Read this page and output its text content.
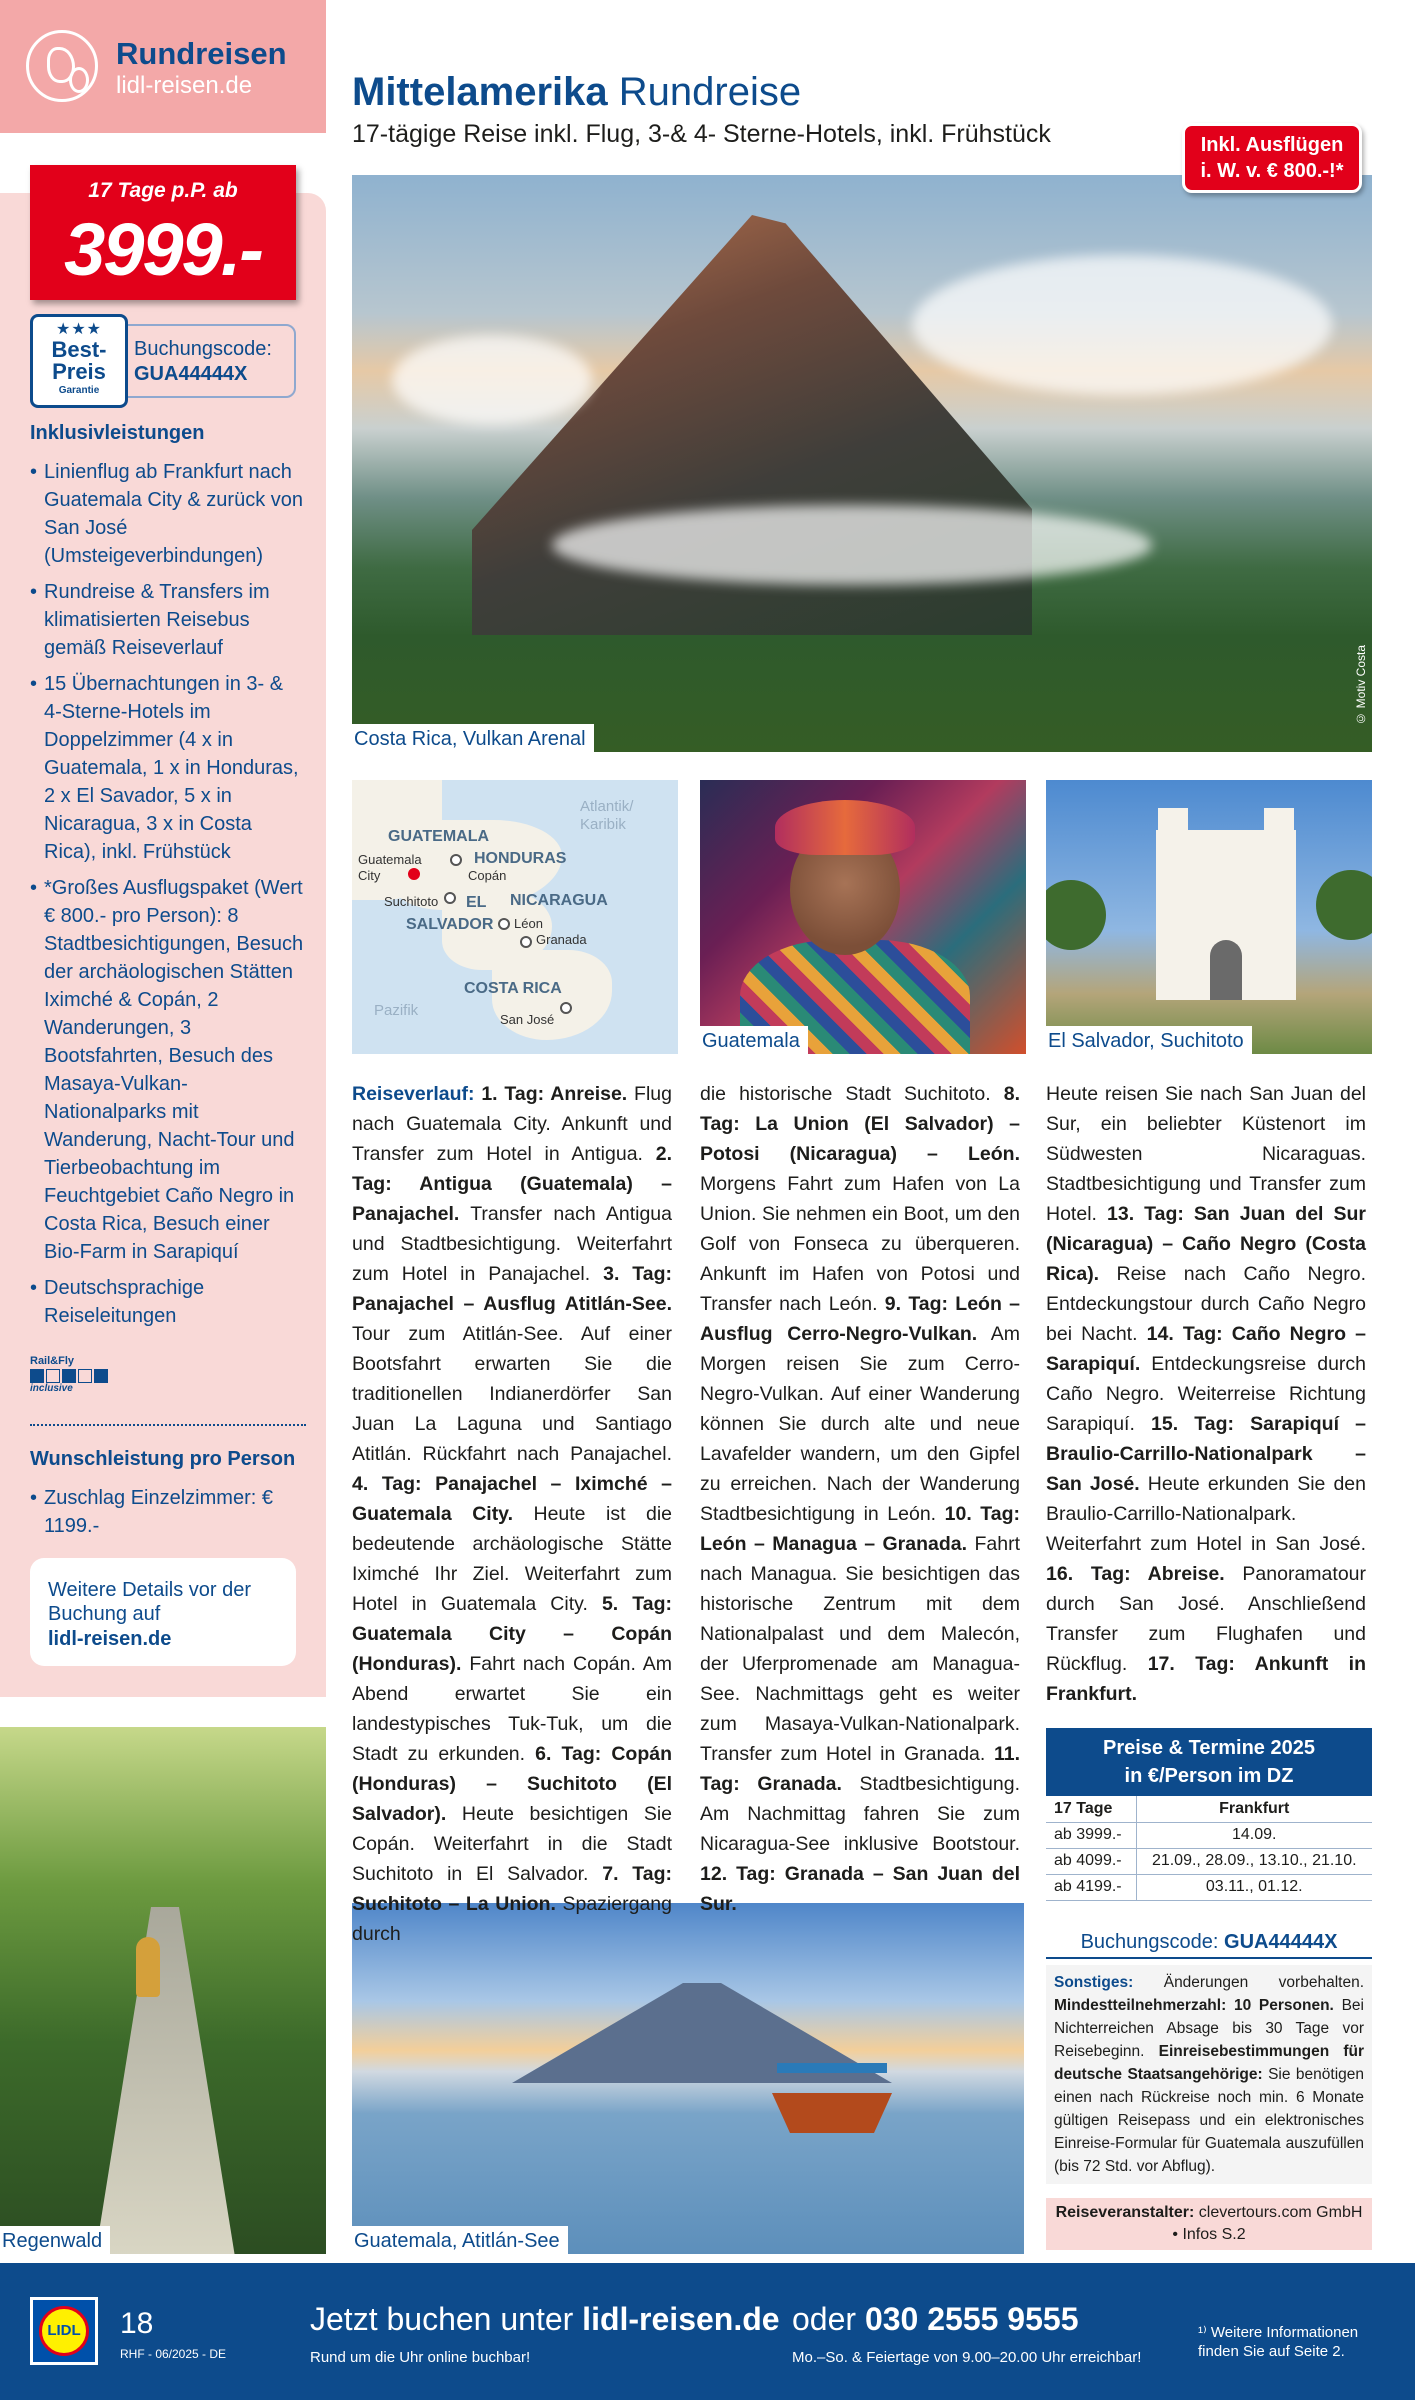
Rundreisen
lidl-reisen.de
17 Tage p.P. ab
3999.-
Buchungscode:
GUA44444X
★★★
Best-
Preis
Garantie
Inklusivleistungen
• Linienflug ab Frankfurt nach Guatemala City & zurück von San José (Umsteigeverbindungen)
• Rundreise & Transfers im klimatisierten Reisebus gemäß Reiseverlauf
• 15 Übernachtungen in 3- & 4-Sterne-Hotels im Doppelzimmer (4 x in Guatemala, 1 x in Honduras, 2 x El Savador, 5 x in Nicaragua, 3 x in Costa Rica), inkl. Frühstück
• *Großes Ausflugspaket (Wert € 800.- pro Person): 8 Stadtbesichtigungen, Besuch der archäologischen Stätten Iximché & Copán, 2 Wanderungen, 3 Bootsfahrten, Besuch des Masaya-Vulkan-Nationalparks mit Wanderung, Nacht-Tour und Tierbeobachtung im Feuchtgebiet Caño Negro in Costa Rica, Besuch einer Bio-Farm in Sarapiquí
• Deutschsprachige Reiseleitungen
Rail&Fly
inclusive
Wunschleistung pro Person
• Zuschlag Einzelzimmer: € 1199.-
Weitere Details vor der Buchung auf
lidl-reisen.de
Mittelamerika Rundreise
17-tägige Reise inkl. Flug, 3-& 4- Sterne-Hotels, inkl. Frühstück	Inkl. Ausflügen
i. W. v. € 800.-!*
© Motiv Costa
Costa Rica, Vulkan Arenal
Atlantik/ Karibik
Pazifik
GUATEMALA
HONDURAS
NICARAGUA
EL
SALVADOR
COSTA RICA
Guatemala City	Copán
Suchitoto
Léon
Granada
San José
Guatemala	El Salvador, Suchitoto
Regenwald	Guatemala, Atitlán-See
Reiseverlauf: 1. Tag: Anreise. Flug nach Guatemala City. Ankunft und Transfer zum Hotel in Antigua. 2. Tag: Antigua (Guatemala) – Panajachel. Transfer nach Antigua und Stadtbesichtigung. Weiterfahrt zum Hotel in Panajachel. 3. Tag: Panajachel – Ausflug Atitlán-See. Tour zum Atitlán-See. Auf einer Bootsfahrt erwarten Sie die traditionellen Indianerdörfer San Juan La Laguna und Santiago Atitlán. Rückfahrt nach Panajachel. 4. Tag: Panajachel – Iximché – Guatemala City. Heute ist die bedeutende archäologische Stätte Iximché Ihr Ziel. Weiterfahrt zum Hotel in Guatemala City. 5. Tag: Guatemala City – Copán (Honduras). Fahrt nach Copán. Am Abend erwartet Sie ein landestypisches Tuk-Tuk, um die Stadt zu erkunden. 6. Tag: Copán (Honduras) – Suchitoto (El Salvador). Heute besichtigen Sie Copán. Weiterfahrt in die Stadt Suchitoto in El Salvador. 7. Tag: Suchitoto – La Union. Spaziergang durch
die historische Stadt Suchitoto. 8. Tag: La Union (El Salvador) – Potosi (Nicaragua) – León. Morgens Fahrt zum Hafen von La Union. Sie nehmen ein Boot, um den Golf von Fonseca zu überqueren. Ankunft im Hafen von Potosi und Transfer nach León. 9. Tag: León – Ausflug Cerro-Negro-Vulkan. Am Morgen reisen Sie zum Cerro-Negro-Vulkan. Auf einer Wanderung können Sie durch alte und neue Lavafelder wandern, um den Gipfel zu erreichen. Nach der Wanderung Stadtbesichtigung in León. 10. Tag: León – Managua – Granada. Fahrt nach Managua. Sie besichtigen das historische Zentrum mit dem Nationalpalast und dem Malecón, der Uferpromenade am Managua-See. Nachmittags geht es weiter zum Masaya-Vulkan-Nationalpark. Transfer zum Hotel in Granada. 11. Tag: Granada. Stadtbesichtigung. Am Nachmittag fahren Sie zum Nicaragua-See inklusive Bootstour. 12. Tag: Granada – San Juan del Sur.
Heute reisen Sie nach San Juan del Sur, ein beliebter Küstenort im Südwesten Nicaraguas. Stadtbesichtigung und Transfer zum Hotel. 13. Tag: San Juan del Sur (Nicaragua) – Caño Negro (Costa Rica). Reise nach Caño Negro. Entdeckungstour durch Caño Negro bei Nacht. 14. Tag: Caño Negro – Sarapiquí. Entdeckungsreise durch Caño Negro. Weiterreise Richtung Sarapiquí. 15. Tag: Sarapiquí – Braulio-Carrillo-Nationalpark – San José. Heute erkunden Sie den Braulio-Carrillo-Nationalpark. Weiterfahrt zum Hotel in San José. 16. Tag: Abreise. Panoramatour durch San José. Anschließend Transfer zum Flughafen und Rückflug. 17. Tag: Ankunft in Frankfurt.
Preise & Termine 2025
in €/Person im DZ
17 Tage	Frankfurt
ab 3999.-	14.09.
ab 4099.-	21.09., 28.09., 13.10., 21.10.
ab 4199.-	03.11., 01.12.
Buchungscode: GUA44444X
Sonstiges: Änderungen vorbehalten. Mindestteilnehmerzahl: 10 Personen. Bei Nichterreichen Absage bis 30 Tage vor Reisebeginn. Einreisebestimmungen für deutsche Staatsangehörige: Sie benötigen einen nach Rückreise noch min. 6 Monate gültigen Reisepass und ein elektronisches Einreise-Formular für Guatemala auszufüllen (bis 72 Std. vor Abflug).
Reiseveranstalter: clevertours.com GmbH
• Infos S.2
LIDL 18
RHF - 06/2025 - DE
Jetzt buchen unter lidl-reisen.de
Rund um die Uhr online buchbar!
oder 030 2555 9555
Mo.–So. & Feiertage von 9.00–20.00 Uhr erreichbar!
¹⁾ Weitere Informationen finden Sie auf Seite 2.
